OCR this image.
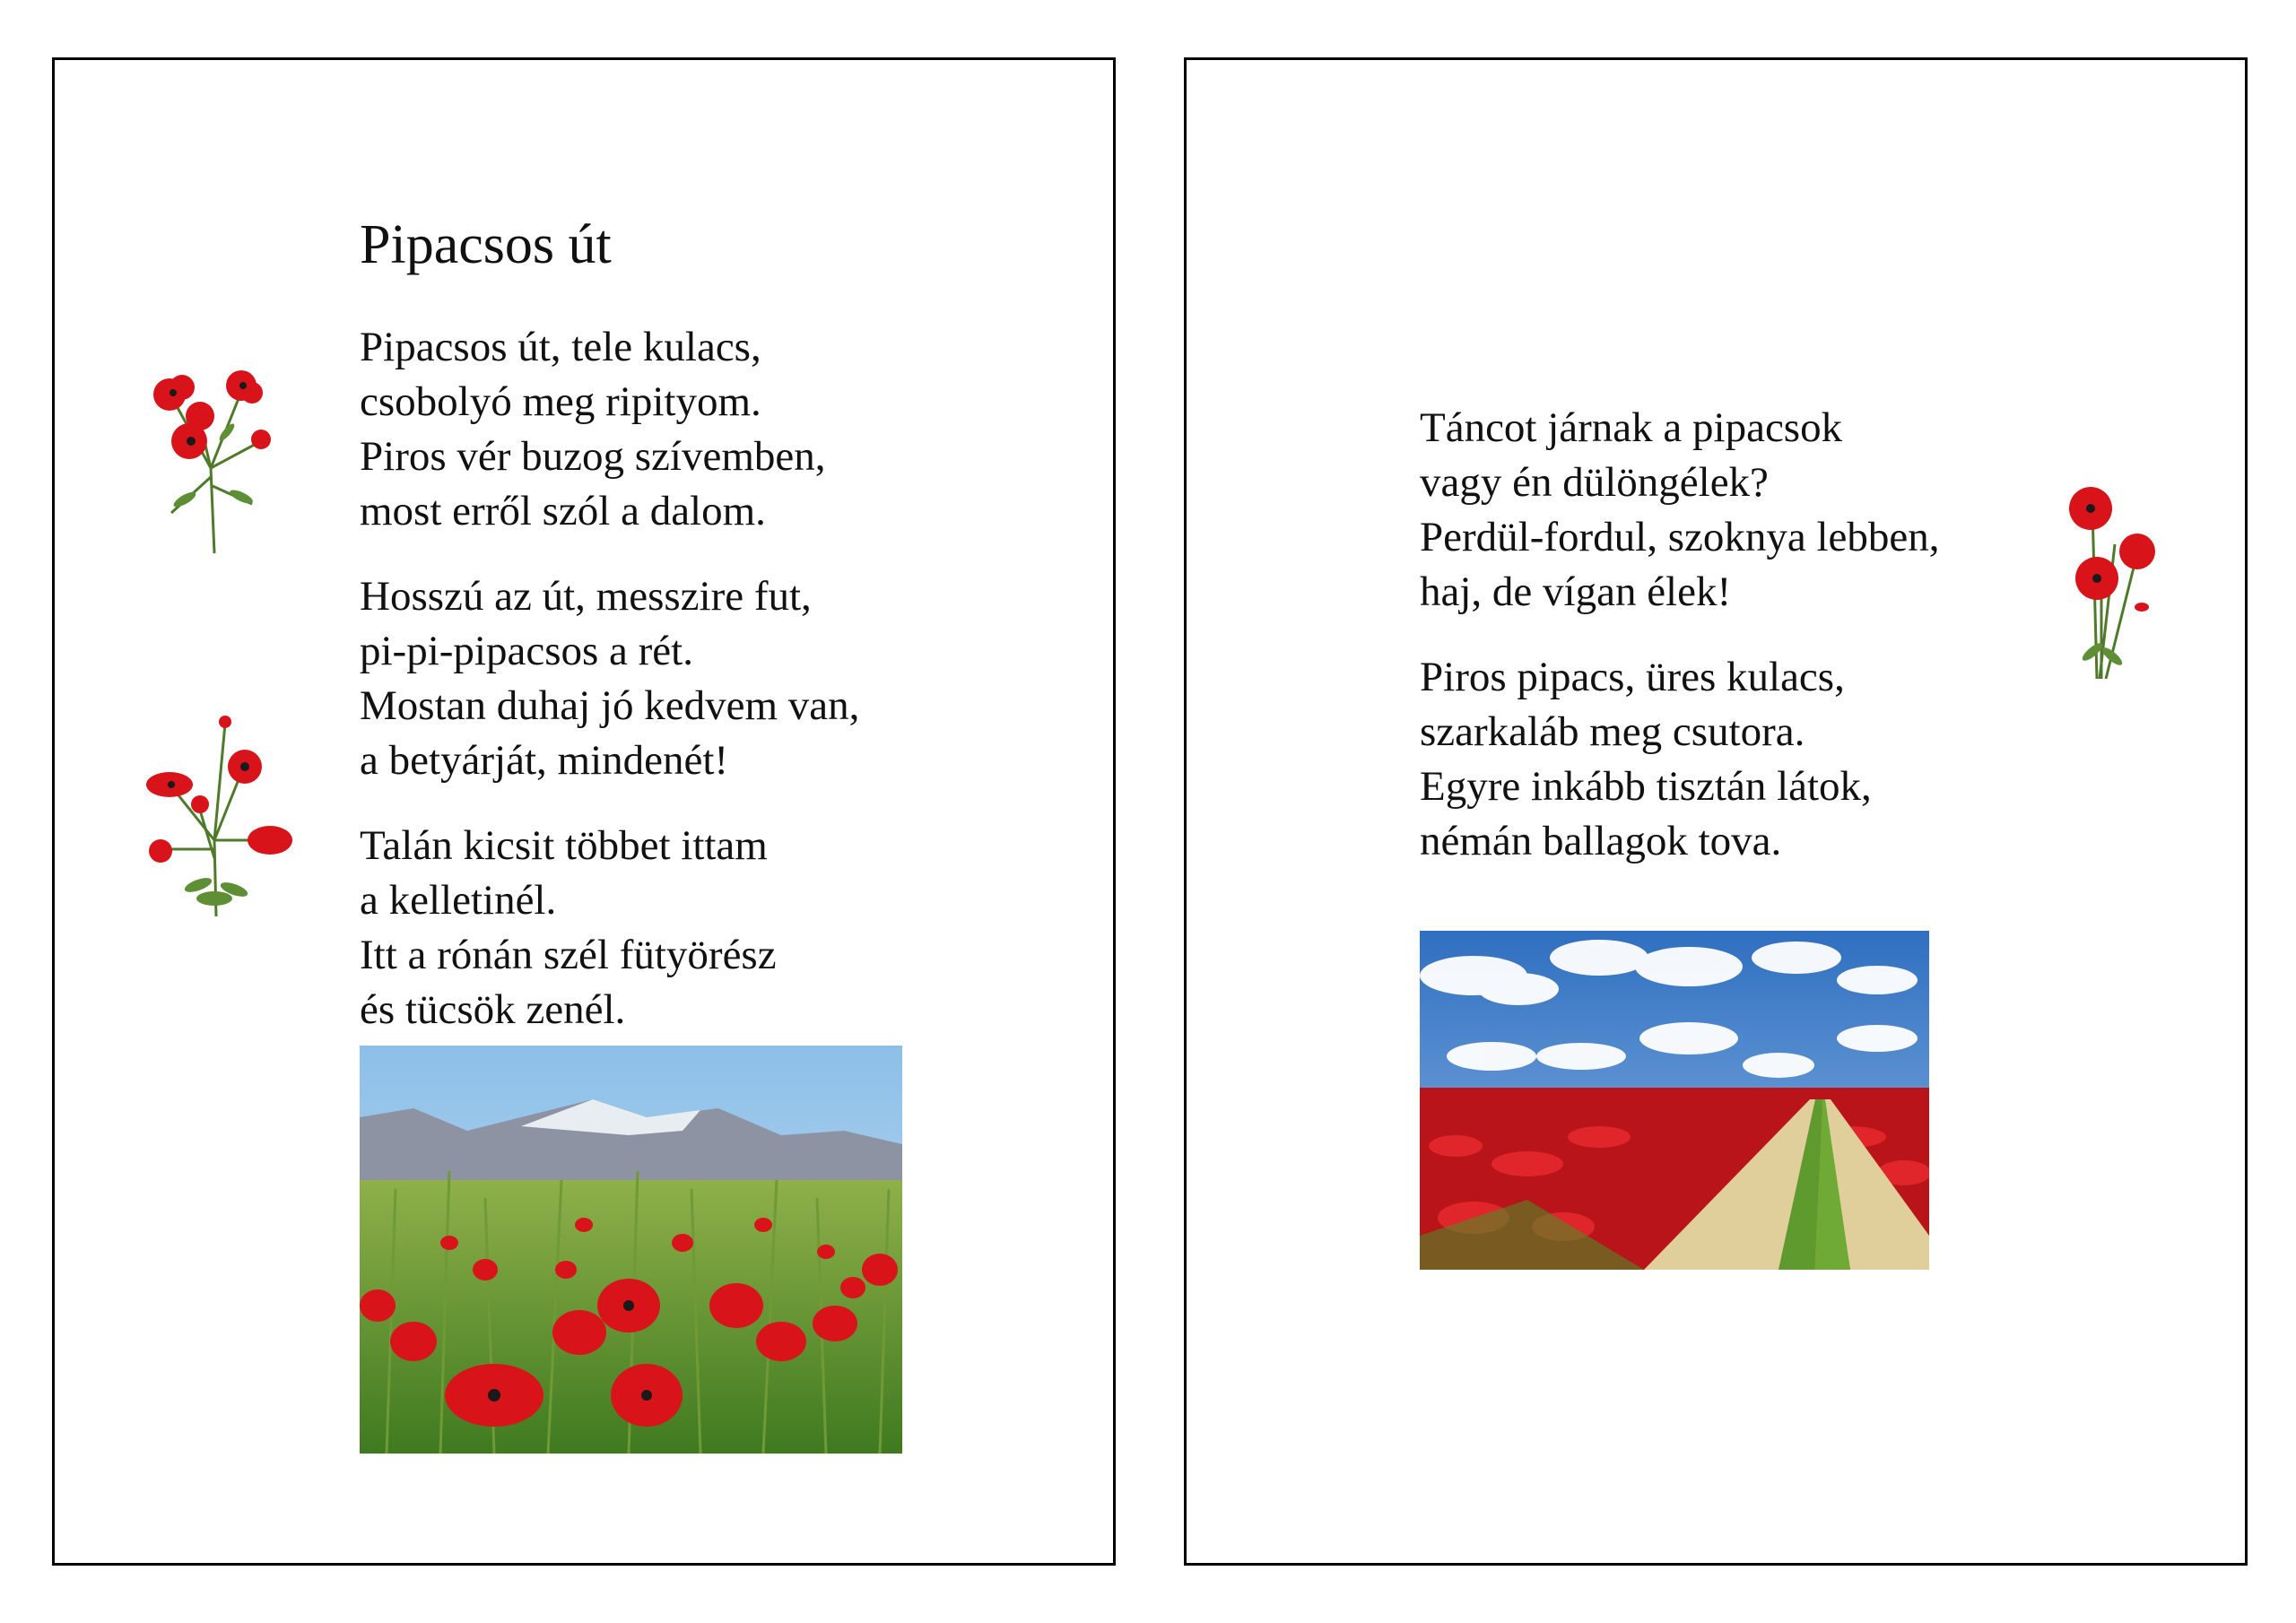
Pipacsos út
Pipacsos út, tele kulacs,
csobolyó meg ripityom.
Piros vér buzog szívemben,
most erről szól a dalom.
Hosszú az út, messzire fut,
pi-pi-pipacsos a rét.
Mostan duhaj jó kedvem van,
a betyárját, mindenét!
Talán kicsit többet ittam
a kelletinél.
Itt a rónán szél fütyörész
és tücsök zenél.
Táncot járnak a pipacsok
vagy én dülöngélek?
Perdül-fordul, szoknya lebben,
haj, de vígan élek!
Piros pipacs, üres kulacs,
szarkaláb meg csutora.
Egyre inkább tisztán látok,
némán ballagok tova.
